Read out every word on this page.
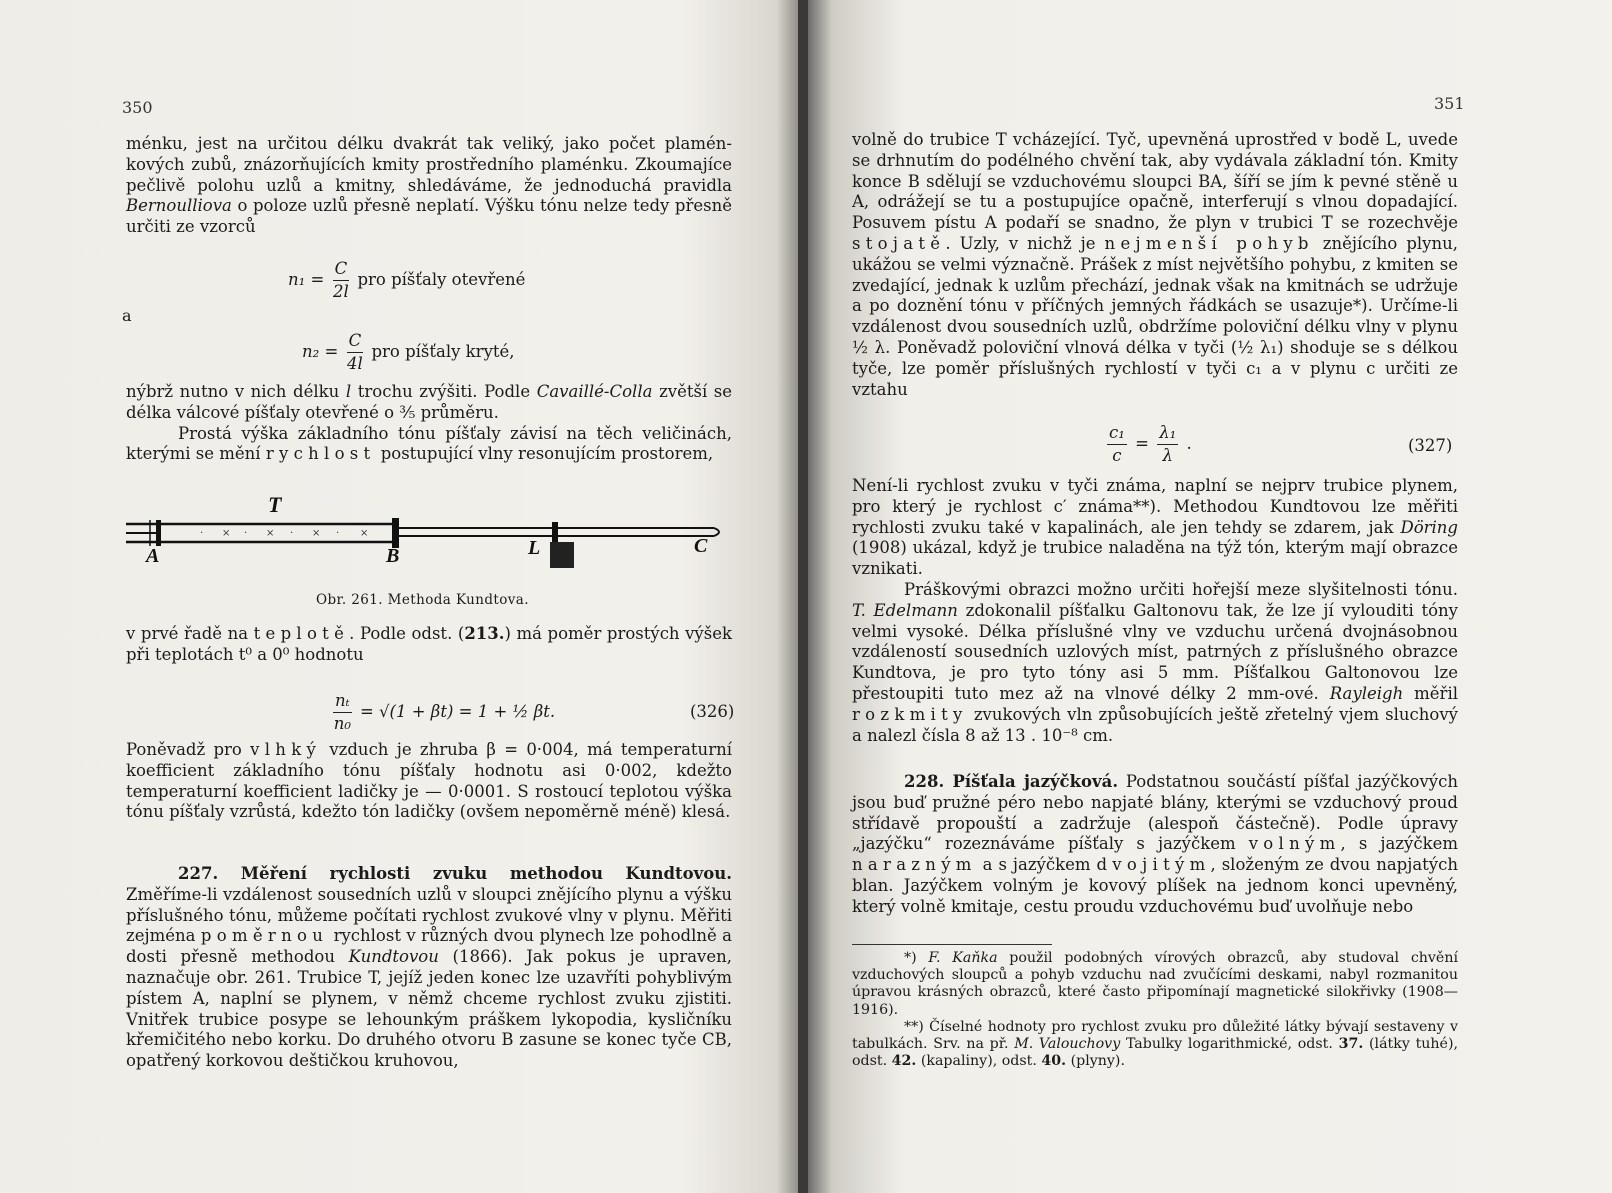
350

ménku, jest na určitou délku dvakrát tak veliký, jako počet plamén-kových zubů, znázorňujících kmity prostředního plaménku. Zkoumajíce pečlivě polohu uzlů a kmitny, shledáváme, že jednoduchá pravidla Bernoulliova o poloze uzlů přesně neplatí. Výšku tónu nelze tedy přesně určiti ze vzorců

$n_1 = \frac{C}{2l}$ pro píšťaly otevřené
a
$n_2 = \frac{C}{4l}$ pro píšťaly kryté,

nýbrž nutno v nich délku l trochu zvýšiti. Podle Cavaillé-Colla zvětší se délka válcové píšťaly otevřené o ⅗ průměru.

Prostá výška základního tónu píšťaly závisí na těch veličinách, kterými se mění rychlost postupující vlny resonujícím prostorem,

T
· × · × · × · ×
A	B	L	C
Obr. 261. Methoda Kundtova.

v prvé řadě na teplotě. Podle odst. (213.) má poměr prostých výšek při teplotách t⁰ a 0⁰ hodnotu

$\frac{\text{nₜ}}{\text{n₀}} = √(1 + \beta t) = 1$ + ½ βt.	(326)

Poněvadž pro vlhký vzduch je zhruba β = 0·004, má temperaturní koefficient základního tónu píšťaly hodnotu asi 0·002, kdežto temperaturní koefficient ladičky je — 0·0001. S rostoucí teplotou výška tónu píšťaly vzrůstá, kdežto tón ladičky (ovšem nepoměrně méně) klesá.

227. Měření rychlosti zvuku methodou Kundtovou. Změříme-li vzdálenost sousedních uzlů v sloupci znějícího plynu a výšku příslušného tónu, můžeme počítati rychlost zvukové vlny v plynu. Měřiti zejména poměrnou rychlost v různých dvou plynech lze pohodlně a dosti přesně methodou Kundtovou (1866). Jak pokus je upraven, naznačuje obr. 261. Trubice T, jejíž jeden konec lze uzavříti pohyblivým pístem A, naplní se plynem, v němž chceme rychlost zvuku zjistiti. Vnitřek trubice posype se lehounkým práškem lykopodia, kysličníku křemičitého nebo korku. Do druhého otvoru B zasune se konec tyče CB, opatřený korkovou deštičkou kruhovou,

351

volně do trubice T vcházející. Tyč, upevněná uprostřed v bodě L, uvede se drhnutím do podélného chvění tak, aby vydávala základní tón. Kmity konce B sdělují se vzduchovému sloupci BA, šíří se jím k pevné stěně u A, odrážejí se tu a postupujíce opačně, interferují s vlnou dopadající. Posuvem pístu A podaří se snadno, že plyn v trubici T se rozechvěje stojatě. Uzly, v nichž je nejmenší pohyb znějícího plynu, ukážou se velmi význačně. Prášek z míst největšího pohybu, z kmiten se zvedající, jednak k uzlům přechází, jednak však na kmitnách se udržuje a po doznění tónu v příčných jemných řádkách se usazuje*). Určíme-li vzdálenost dvou sousedních uzlů, obdržíme poloviční délku vlny v plynu ½ λ. Poněvadž poloviční vlnová délka v tyči (½ λ₁) shoduje se s délkou tyče, lze poměr příslušných rychlostí v tyči c₁ a v plynu c určiti ze vztahu

$\frac{\text{c₁}}{c} = \frac{\text{λ₁}}{\lambda}$ .	(327)

Není-li rychlost zvuku v tyči známa, naplní se nejprv trubice plynem, pro který je rychlost c′ známa**). Methodou Kundtovou lze měřiti rychlosti zvuku také v kapalinách, ale jen tehdy se zdarem, jak Döring (1908) ukázal, když je trubice naladěna na týž tón, kterým mají obrazce vznikati.

Práškovými obrazci možno určiti hořejší meze slyšitelnosti tónu. T. Edelmann zdokonalil píšťalku Galtonovu tak, že lze jí vylouditi tóny velmi vysoké. Délka příslušné vlny ve vzduchu určená dvojnásobnou vzdáleností sousedních uzlových míst, patrných z příslušného obrazce Kundtova, je pro tyto tóny asi 5 mm. Píšťalkou Galtonovou lze přestoupiti tuto mez až na vlnové délky 2 mm-ové. Rayleigh měřil rozkmity zvukových vln způsobujících ještě zřetelný vjem sluchový a nalezl čísla 8 až 13 . 10⁻⁸ cm.

228. Píšťala jazýčková. Podstatnou součástí píšťal jazýčkových jsou buď pružné péro nebo napjaté blány, kterými se vzduchový proud střídavě propouští a zadržuje (alespoň částečně). Podle úpravy „jazýčku“ rozeznáváme píšťaly s jazýčkem volným, s jazýčkem narazným a s jazýčkem dvojitým, složeným ze dvou napjatých blan. Jazýčkem volným je kovový plíšek na jednom konci upevněný, který volně kmitaje, cestu proudu vzduchovému buď uvolňuje nebo

*) F. Kaňka použil podobných vírových obrazců, aby studoval chvění vzduchových sloupců a pohyb vzduchu nad zvučícími deskami, nabyl rozmanitou úpravou krásných obrazců, které často připomínají magnetické silokřivky (1908—1916).

**) Číselné hodnoty pro rychlost zvuku pro důležité látky bývají sestaveny v tabulkách. Srv. na př. M. Valouchovy Tabulky logarithmické, odst. 37. (látky tuhé), odst. 42. (kapaliny), odst. 40. (plyny).
